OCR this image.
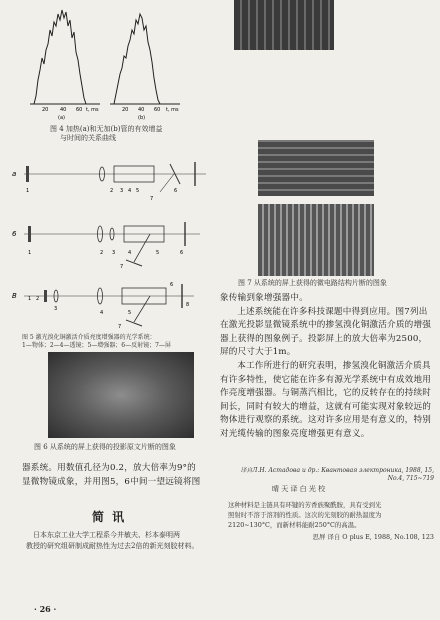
20 40 60 t, ms	20 40 60 t, ms
(a)	(b)
图 4 加热(a)和无加(b)管的有效增益
与时间的关系曲线
a
1	2 3 4 5	6
7
6
1	2 3	4	5	6
7
B 1 2
3
4	5
6
7
8
图 5 激光溴化铜激活介质亮度增强器的光学系统：
1—物体；2—4—透镜；5—增强器；6—反射镜；7—屏
图 6 从系统的屏上获得的投影原文片断的图象
图 7 从系统的屏上获得的微电路结构片断的图象
象传输到象增强器中。
上述系统能在许多科技课题中得到应用。图7列出在激光投影显微镜系统中的掺氢溴化铜激活介质的增强器上获得的图象例子。投影屏上的放大倍率为2500，屏的尺寸大于1m。
本工作所进行的研究表明，掺氢溴化铜激活介质具有许多特性，使它能在许多有源光学系统中有成效地用作亮度增强器。与铜蒸汽相比，它的反转存在的持续时间长，同时有较大的增益，这就有可能实现对象较远的物体进行观察的系统。这对许多应用是有意义的，特别对光缆传输的图象亮度增强更有意义。
译自Л.Н. Астадова и др.: Квантовая электроника, 1988, 15, No.4, 715~719
晴 天 译 白 光 校
器系统。用数值孔径为0.2，放大倍率为9°的
显微物镜成象，并用图5，6中间一望远镜将图
简 讯
日本东京工业大学工程系今井敏夫、杉本泰明两
教授的研究组研制成耐热性为过去2倍的新光刻胶材料。
这种材料是主链具有环键的芳香族聚酰胺，具有受到光
照射时不溶于溶剂的性质。这次的光刻胶的耐热温度为
2120~130°C，而新材料能耐250°C的高温。
思屏 译自 O plus E, 1988, No.108, 123
· 26 ·
